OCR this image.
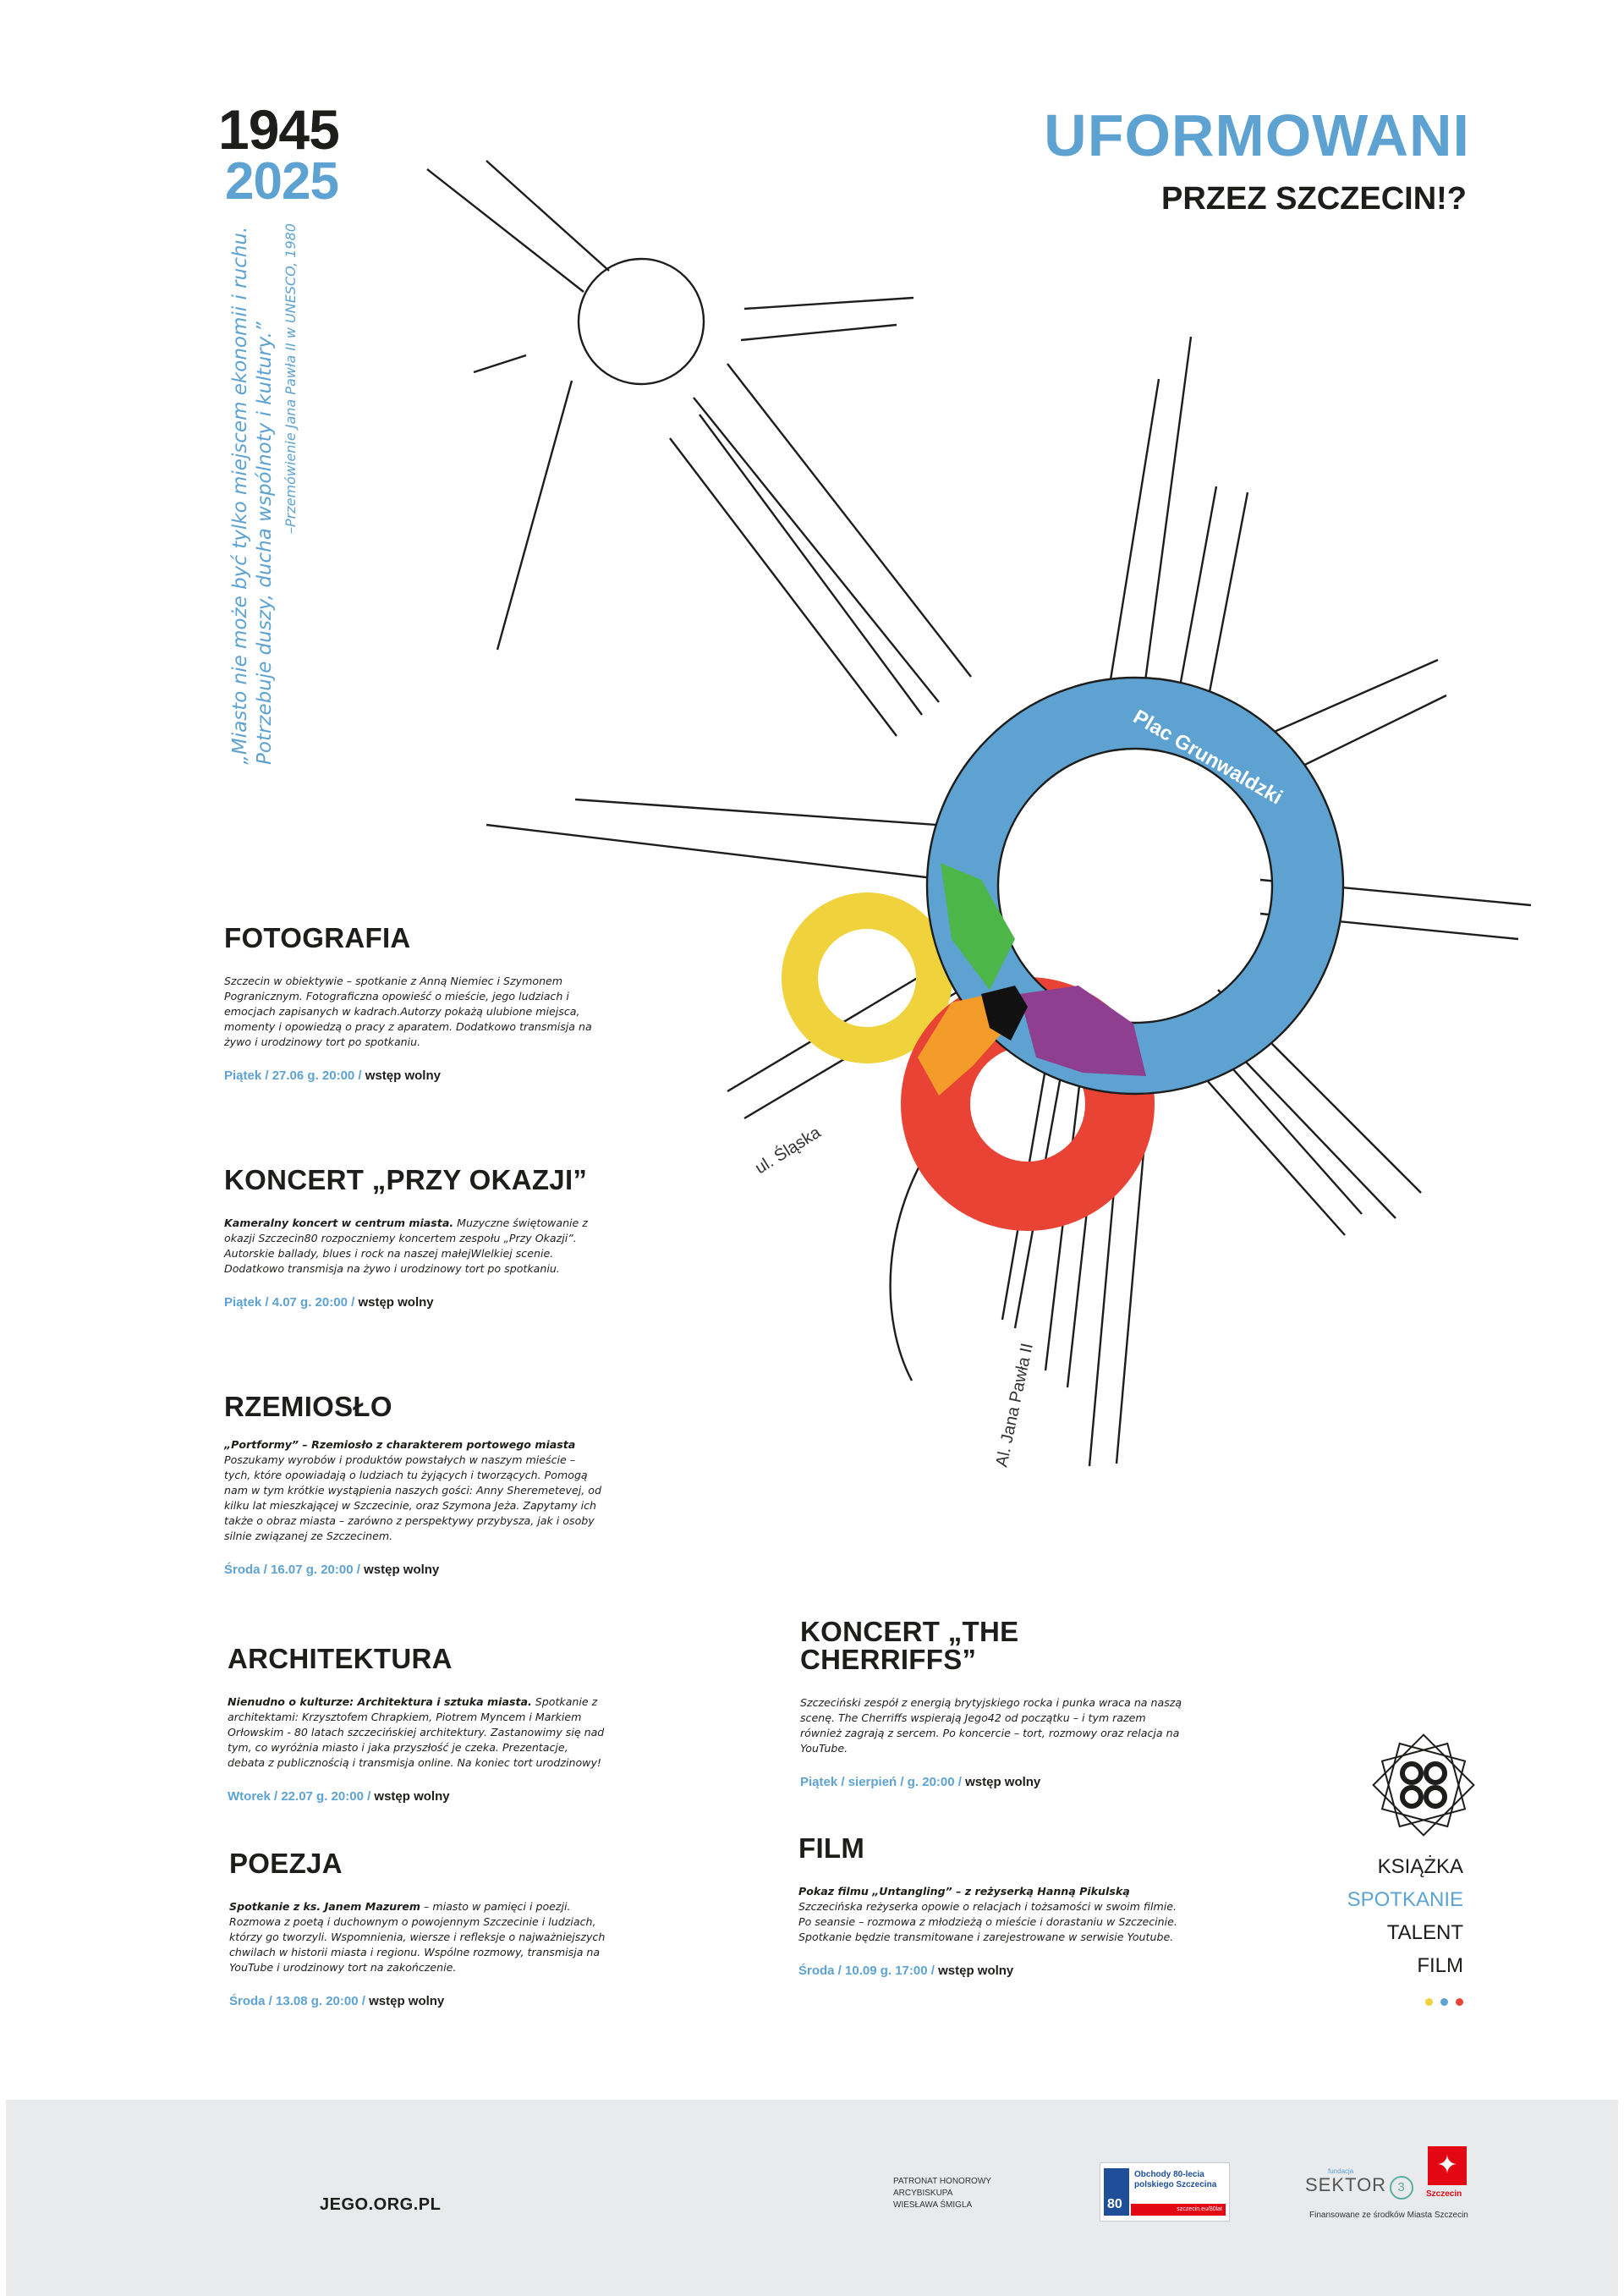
Plac Grunwaldzki
ul. Śląska
Al. Jana Pawła II
1945
2025
UFORMOWANI
PRZEZ SZCZECIN!?
„Miasto nie może być tylko miejscem ekonomii i ruchu. Potrzebuje duszy, ducha wspólnoty i kultury.” –Przemówienie Jana Pawła II w UNESCO, 1980
FOTOGRAFIA

Szczecin w obiektywie – spotkanie z Anną Niemiec i Szymonem Pogranicznym. Fotograficzna opowieść o mieście, jego ludziach i emocjach zapisanych w kadrach.Autorzy pokażą ulubione miejsca, momenty i opowiedzą o pracy z aparatem. Dodatkowo transmisja na żywo i urodzinowy tort po spotkaniu.

Piątek / 27.06 g. 20:00 / wstęp wolny
KONCERT „PRZY OKAZJI”

Kameralny koncert w centrum miasta. Muzyczne świętowanie z okazji Szczecin80 rozpoczniemy koncertem zespołu „Przy Okazji”. Autorskie ballady, blues i rock na naszej małejWlelkiej scenie. Dodatkowo transmisja na żywo i urodzinowy tort po spotkaniu.

Piątek / 4.07 g. 20:00 / wstęp wolny
RZEMIOSŁO

„Portformy” – Rzemiosło z charakterem portowego miasta
Poszukamy wyrobów i produktów powstałych w naszym mieście – tych, które opowiadają o ludziach tu żyjących i tworzących. Pomogą nam w tym krótkie wystąpienia naszych gości: Anny Sheremetevej, od kilku lat mieszkającej w Szczecinie, oraz Szymona Jeża. Zapytamy ich także o obraz miasta – zarówno z perspektywy przybysza, jak i osoby silnie związanej ze Szczecinem.

Środa / 16.07 g. 20:00 / wstęp wolny
ARCHITEKTURA

Nienudno o kulturze: Architektura i sztuka miasta. Spotkanie z architektami: Krzysztofem Chrapkiem, Piotrem Myncem i Markiem Orłowskim - 80 latach szczecińskiej architektury. Zastanowimy się nad tym, co wyróżnia miasto i jaka przyszłość je czeka. Prezentacje, debata z publicznością i transmisja online. Na koniec tort urodzinowy!

Wtorek / 22.07 g. 20:00 / wstęp wolny
POEZJA

Spotkanie z ks. Janem Mazurem – miasto w pamięci i poezji. Rozmowa z poetą i duchownym o powojennym Szczecinie i ludziach, którzy go tworzyli. Wspomnienia, wiersze i refleksje o najważniejszych chwilach w historii miasta i regionu. Wspólne rozmowy, transmisja na YouTube i urodzinowy tort na zakończenie.

Środa / 13.08 g. 20:00 / wstęp wolny
KONCERT „THE CHERRIFFS”

Szczeciński zespół z energią brytyjskiego rocka i punka wraca na naszą scenę. The Cherriffs wspierają Jego42 od początku – i tym razem również zagrają z sercem. Po koncercie – tort, rozmowy oraz relacja na YouTube.

Piątek / sierpień / g. 20:00 / wstęp wolny
FILM

Pokaz filmu „Untangling” – z reżyserką Hanną Pikulską
Szczecińska reżyserka opowie o relacjach i tożsamości w swoim filmie. Po seansie – rozmowa z młodzieżą o mieście i dorastaniu w Szczecinie. Spotkanie będzie transmitowane i zarejestrowane w serwisie Youtube.

Środa / 10.09 g. 17:00 / wstęp wolny
KSIĄŻKA
SPOTKANIE
TALENT
FILM
JEGO.ORG.PL
PATRONAT HONOROWY
ARCYBISKUPA
WIESŁAWA ŚMIGLA	80
Obchody 80-lecia
polskiego Szczecina
szczecin.eu/80lat
fundacja
SEKTOR 3
✦
Szczecin
Finansowane ze środków Miasta Szczecin
